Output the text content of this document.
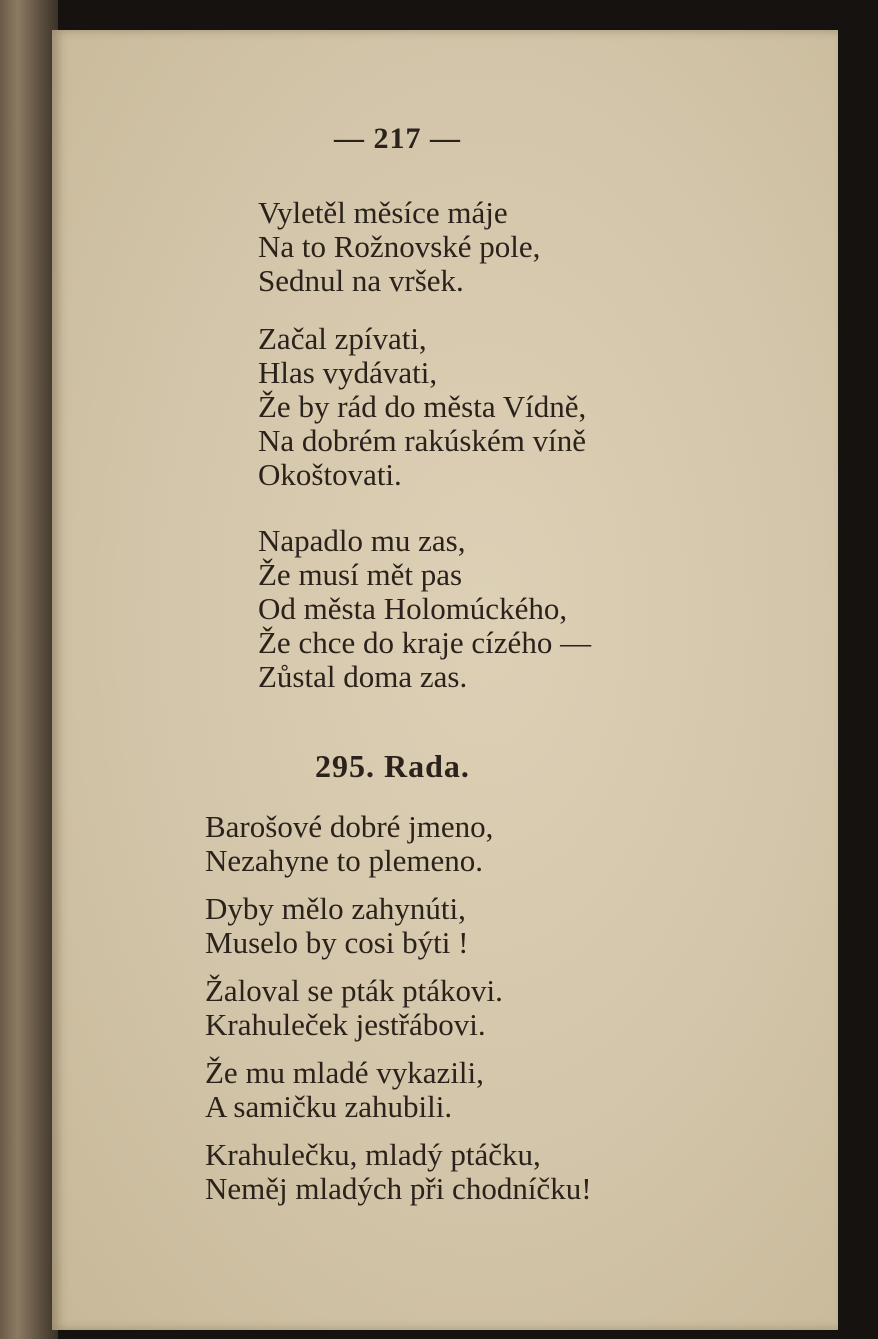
— 217 —
Vyletěl měsíce máje
Na to Rožnovské pole,
Sednul na vršek.
Začal zpívati,
Hlas vydávati,
Že by rád do města Vídně,
Na dobrém rakúském víně
Okoštovati.
Napadlo mu zas,
Že musí mět pas
Od města Holomúckého,
Že chce do kraje cízého —
Zůstal doma zas.
295. Rada.
Barošové dobré jmeno,
Nezahyne to plemeno.
Dyby mělo zahynúti,
Muselo by cosi býti !
Žaloval se pták ptákovi.
Krahuleček jestřábovi.
Že mu mladé vykazili,
A samičku zahubili.
Krahulečku, mladý ptáčku,
Neměj mladých při chodníčku!
